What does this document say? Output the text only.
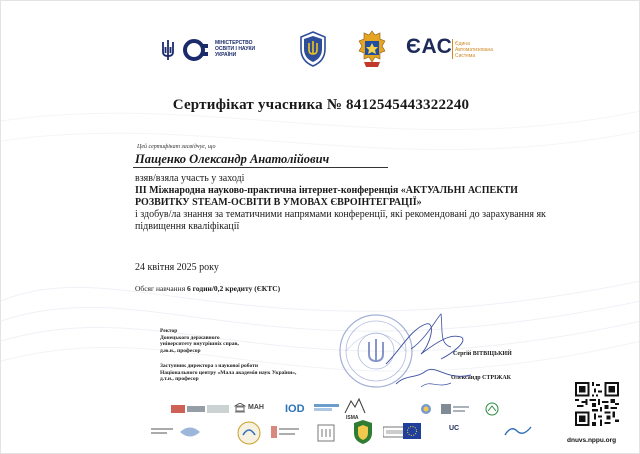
МІНІСТЕРСТВО
ОСВІТИ І НАУКИ
УКРАЇНИ	ЄАС Єдина
Автоматизована
Система
Сертифікат учасника № 8412545443322240
Цей сертифікат засвідчує, що
Пащенко Олександр Анатолійович
взяв/взяла участь у заході
ІІІ Міжнародна науково-практична інтернет-конференція «АКТУАЛЬНІ АСПЕКТИ РОЗВИТКУ STEAM-ОСВІТИ В УМОВАХ ЄВРОІНТЕГРАЦІЇ»
і здобув/ла знання за тематичними напрямами конференції, які рекомендовані до зарахування як підвищення кваліфікації
24 квітня 2025 року
Обсяг навчання 6 годин/0,2 кредиту (ЄКТС)
Ректор
Донецького державного
університету внутрішніх справ,
д.ю.н., професор
Заступник директора з наукової роботи
Національного центру «Мала академія наук України»,
д.т.н., професор
Сергій ВІТВІЦЬКИЙ
Олександр СТРІЖАК
МАН IOD
ISMA
UC
dnuvs.nppu.org
